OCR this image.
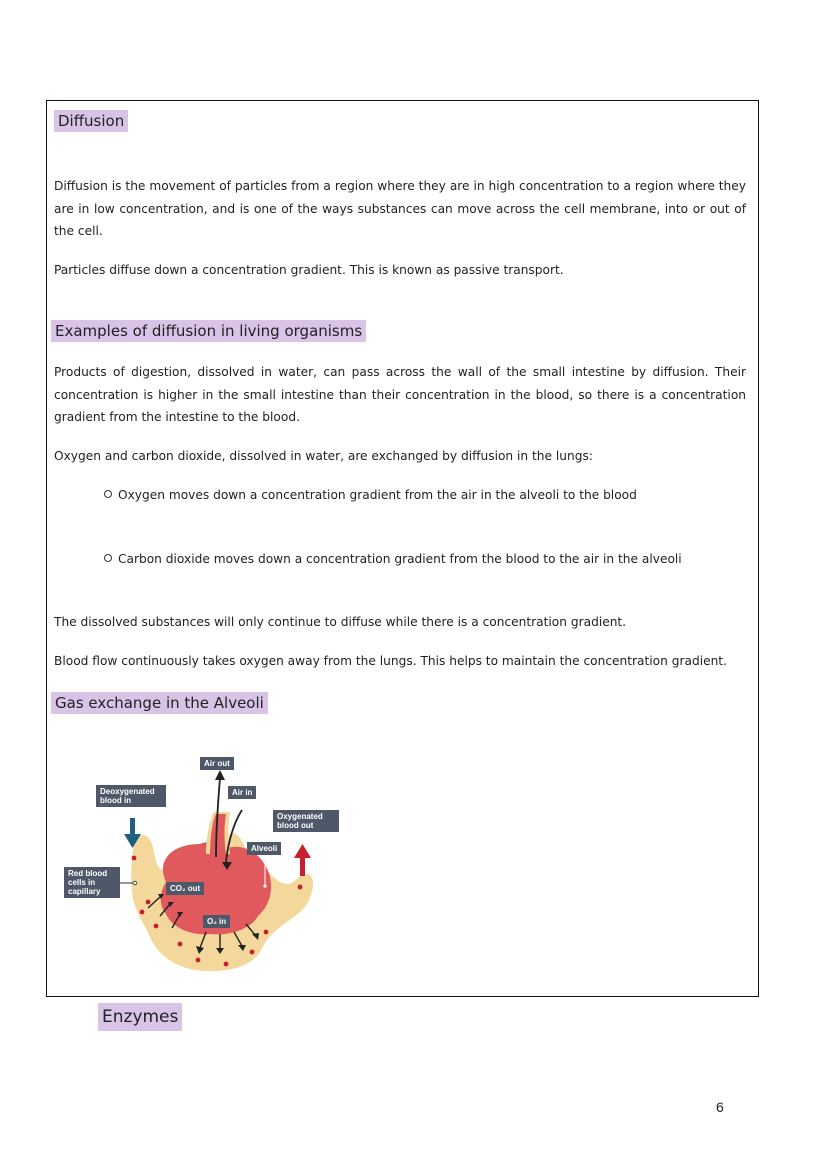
Diffusion

Diffusion is the movement of particles from a region where they are in high concentration to a region where they are in low concentration, and is one of the ways substances can move across the cell membrane, into or out of the cell.

Particles diffuse down a concentration gradient. This is known as passive transport.

Examples of diffusion in living organisms

Products of digestion, dissolved in water, can pass across the wall of the small intestine by diffusion. Their concentration is higher in the small intestine than their concentration in the blood, so there is a concentration gradient from the intestine to the blood.

Oxygen and carbon dioxide, dissolved in water, are exchanged by diffusion in the lungs:

Oxygen moves down a concentration gradient from the air in the alveoli to the blood
Carbon dioxide moves down a concentration gradient from the blood to the air in the alveoli

The dissolved substances will only continue to diffuse while there is a concentration gradient.

Blood flow continuously takes oxygen away from the lungs. This helps to maintain the concentration gradient.

Gas exchange in the Alveoli
Air out
Air in
Deoxygenated blood in
Oxygenated blood out
Alveoli
Red blood cells in capillary	CO₂ out
O₂ in
Enzymes
6
